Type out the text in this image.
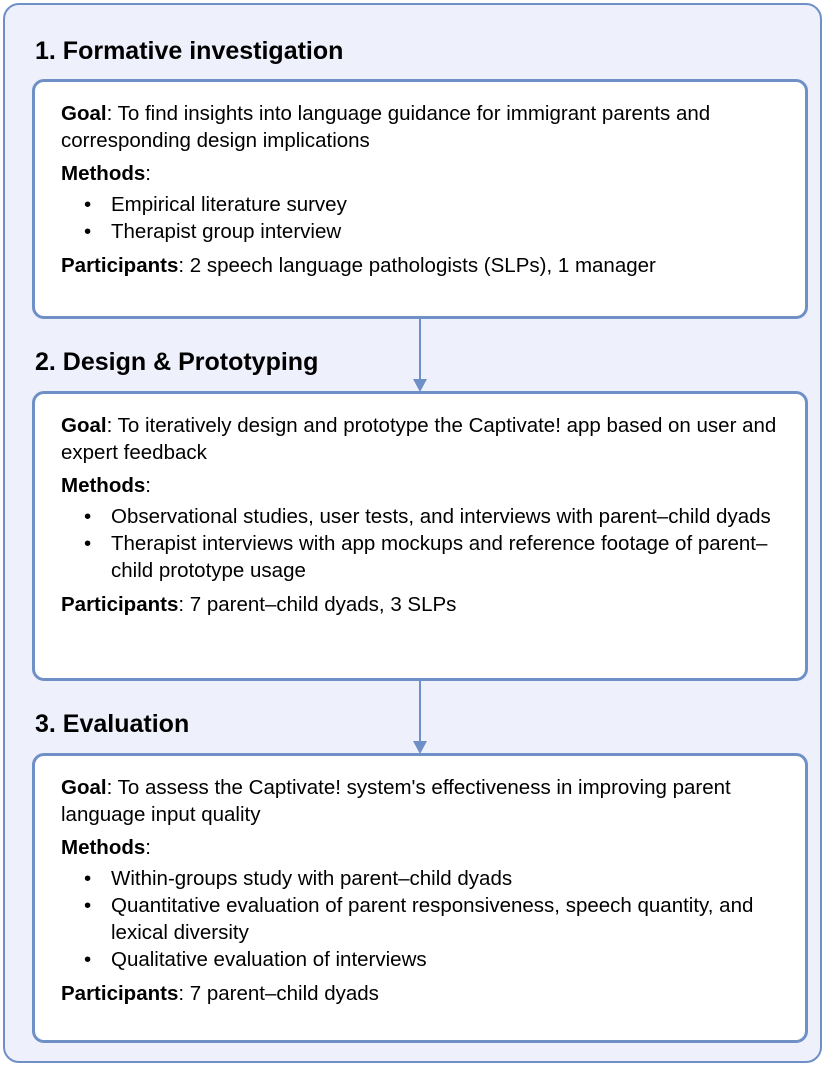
1. Formative investigation

Goal: To find insights into language guidance for immigrant parents and corresponding design implications

Methods:

• Empirical literature survey
• Therapist group interview

Participants: 2 speech language pathologists (SLPs), 1 manager

2. Design & Prototyping

Goal: To iteratively design and prototype the Captivate! app based on user and expert feedback

Methods:

• Observational studies, user tests, and interviews with parent–child dyads
• Therapist interviews with app mockups and reference footage of parent–child prototype usage

Participants: 7 parent–child dyads, 3 SLPs

3. Evaluation

Goal: To assess the Captivate! system's effectiveness in improving parent language input quality

Methods:

• Within-groups study with parent–child dyads
• Quantitative evaluation of parent responsiveness, speech quantity, and lexical diversity
• Qualitative evaluation of interviews

Participants: 7 parent–child dyads
